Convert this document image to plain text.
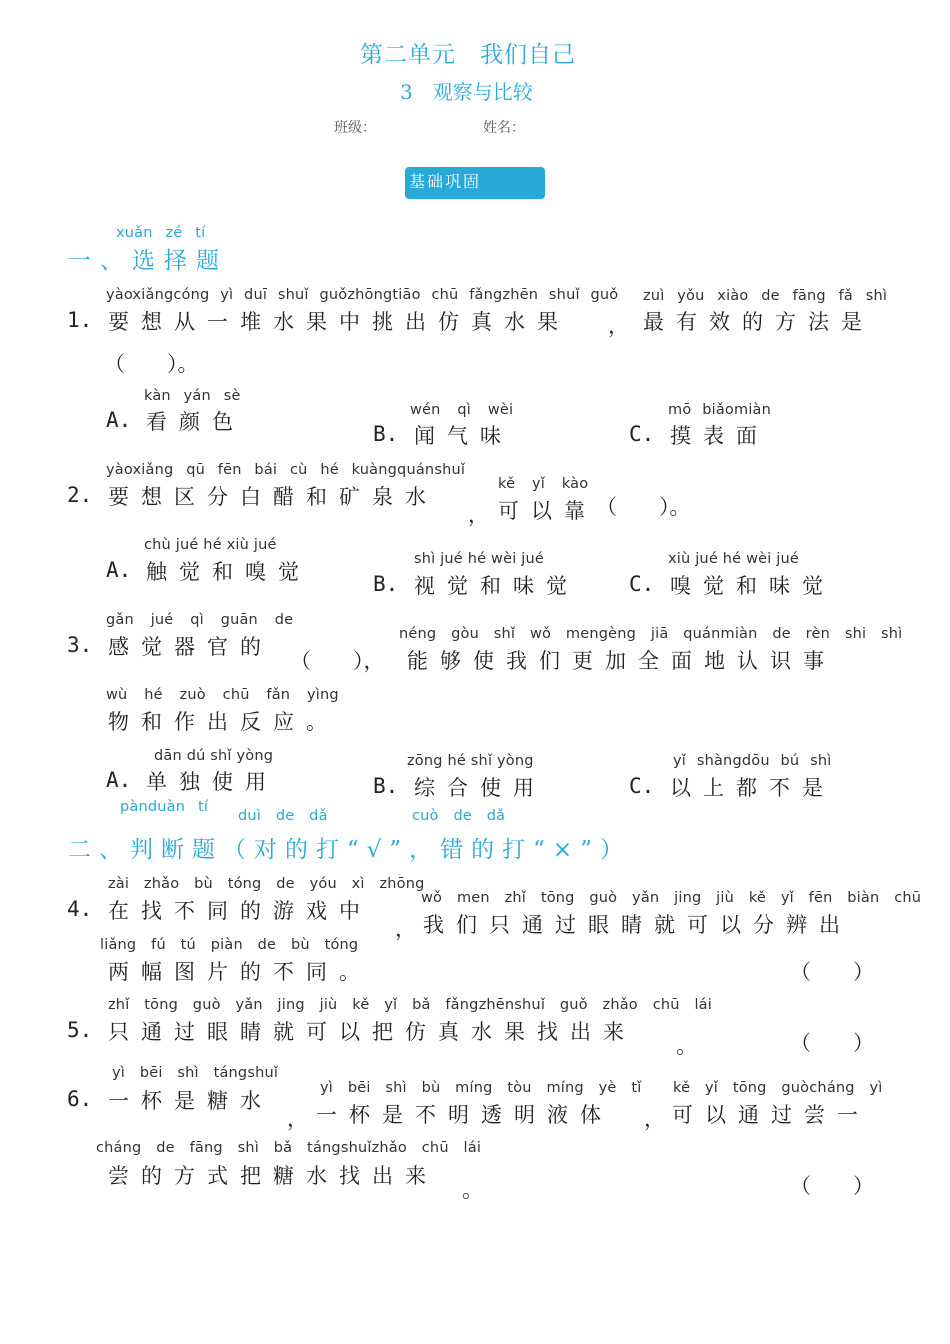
第二单元　我们自己
3　观察与比较
班级：	姓名：
基础巩固
xuǎn zé tí
一、选择题
yàoxiǎngcóng yì duī shuǐ guǒzhōngtiāo chū fǎngzhēn shuǐ guǒ zuì yǒu xiào de fāng fǎ shì
1. 要想从一堆水果中挑出仿真水果 ， 最有效的方法是
（　　）。
A.
kàn yán sè
看颜色	B.
wén qì wèi
闻气味	C.
mō biǎomiàn
摸表面
yàoxiǎng qū fēn bái cù hé kuàngquánshuǐ
kě yǐ kào
2. 要想区分白醋和矿泉水
，
可以靠 （　　）。
A.
chù jué hé xiù jué
触觉和嗅觉	B.
shì jué hé wèi jué
视觉和味觉 C.
xiù jué hé wèi jué
嗅觉和味觉
gǎn jué qì guān de
3. 感觉器官的
（　　），
néng gòu shǐ wǒ mengèng jiā quánmiàn de rèn shi shì
能够使我们更加全面地认识事
wù hé zuò chū fǎn yìng
物和作出反应。
A.
dān dú shǐ yòng
单独使用	B.
zōng hé shǐ yòng
综合使用	C.
yǐ shàngdōu bú shì
以上都不是
pànduàn tí
duì de dǎ	cuò de dǎ
二、判断题（对的打“√”，错的打“×”）
zài zhǎo bù tóng de yóu xì zhōng
4. 在找不同的游戏中
，
wǒ men zhǐ tōng guò yǎn jing jiù kě yǐ fēn biàn chū
我们只通过眼睛就可以分辨出
liǎng fú tú piàn de bù tóng
两幅图片的不同。	（　　）
zhǐ tōng guò yǎn jing jiù kě yǐ bǎ fǎngzhēnshuǐ guǒ zhǎo chū lái
5. 只通过眼睛就可以把仿真水果找出来
。	（　　）
yì bēi shì tángshuǐ
6. 一杯是糖水
，
yì bēi shì bù míng tòu míng yè tǐ
一杯是不明透明液体 ，
kě yǐ tōng guòcháng yì
可以通过尝一
cháng de fāng shì bǎ tángshuǐzhǎo chū lái
尝的方式把糖水找出来
。	（　　）
